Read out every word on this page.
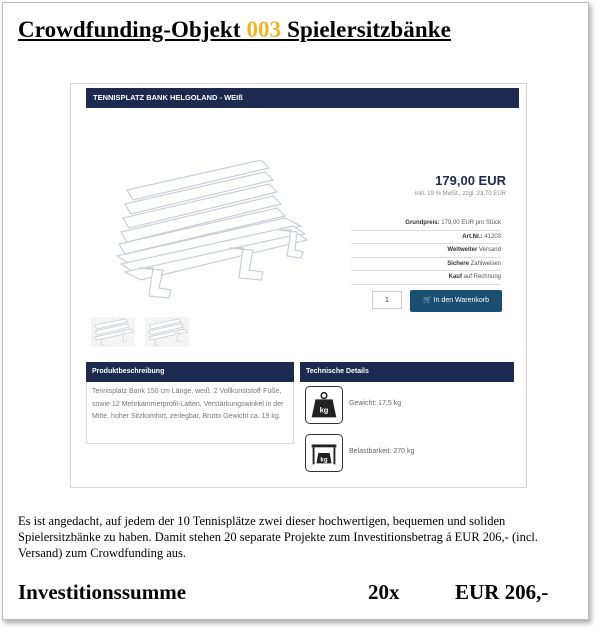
Crowdfunding-Objekt 003 Spielersitzbänke
TENNISPLATZ BANK HELGOLAND - WEIß
179,00 EUR
inkl. 19 % MwSt., zzgl. 23,70 EUR
Grundpreis: 179,00 EUR pro Stück
Art.Nr.: 41203
Weltweiter Versand
Sichere Zahlweisen
Kauf auf Rechnung
1	🛒 In den Warenkorb
Produktbeschreibung
Tennisplatz Bank 150 cm Länge, weiß. 2 Vollkunststoff-Füße, sowie 12 Mehrkammerprofil-Latten, Verstärkungswinkel in der Mitte, hoher Sitzkomfort, zerlegbar, Brutto Gewicht ca. 19 kg.
Technische Details
kg
Gewicht: 17,5 kg
kg
Belastbarkeit: 270 kg

Es ist angedacht, auf jedem der 10 Tennisplätze zwei dieser hochwertigen, bequemen und soliden Spielersitzbänke zu haben. Damit stehen 20 separate Projekte zum Investitionsbetrag á EUR 206,- (incl. Versand) zum Crowdfunding aus.

Investitionssumme	20x	EUR 206,-
